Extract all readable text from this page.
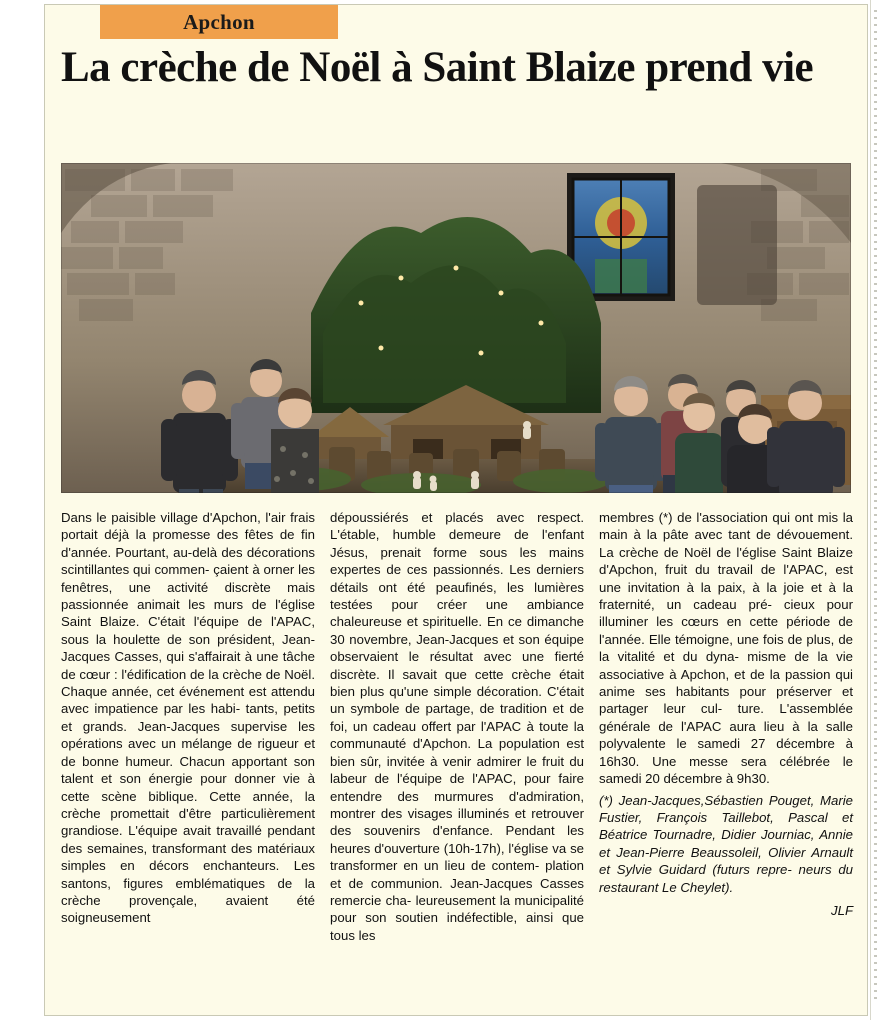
Apchon
La crèche de Noël à Saint Blaize prend vie

Dans le paisible village d'Apchon, l'air frais portait déjà la promesse des fêtes de fin d'année. Pourtant, au-delà des décorations scintillantes qui commen- çaient à orner les fenêtres, une activité discrète mais passionnée animait les murs de l'église Saint Blaize. C'était l'équipe de l'APAC, sous la houlette de son président, Jean-Jacques Casses, qui s'affairait à une tâche de cœur : l'édification de la crèche de Noël. Chaque année, cet événement est attendu avec impatience par les habi- tants, petits et grands. Jean-Jacques supervise les opérations avec un mélange de rigueur et de bonne humeur. Chacun apportant son talent et son énergie pour donner vie à cette scène biblique. Cette année, la crèche promettait d'être particulièrement grandiose. L'équipe avait travaillé pendant des semaines, transformant des matériaux simples en décors enchanteurs. Les santons, figures emblématiques de la crèche provençale, avaient été soigneusement

dépoussiérés et placés avec respect. L'étable, humble demeure de l'enfant Jésus, prenait forme sous les mains expertes de ces passionnés. Les derniers détails ont été peaufinés, les lumières testées pour créer une ambiance chaleureuse et spirituelle. En ce dimanche 30 novembre, Jean-Jacques et son équipe observaient le résultat avec une fierté discrète. Il savait que cette crèche était bien plus qu'une simple décoration. C'était un symbole de partage, de tradition et de foi, un cadeau offert par l'APAC à toute la communauté d'Apchon. La population est bien sûr, invitée à venir admirer le fruit du labeur de l'équipe de l'APAC, pour faire entendre des murmures d'admiration, montrer des visages illuminés et retrouver des souvenirs d'enfance. Pendant les heures d'ouverture (10h-17h), l'église va se transformer en un lieu de contem- plation et de communion. Jean-Jacques Casses remercie cha- leureusement la municipalité pour son soutien indéfectible, ainsi que tous les

membres (*) de l'association qui ont mis la main à la pâte avec tant de dévouement. La crèche de Noël de l'église Saint Blaize d'Apchon, fruit du travail de l'APAC, est une invitation à la paix, à la joie et à la fraternité, un cadeau pré- cieux pour illuminer les cœurs en cette période de l'année. Elle témoigne, une fois de plus, de la vitalité et du dyna- misme de la vie associative à Apchon, et de la passion qui anime ses habitants pour préserver et partager leur cul- ture. L'assemblée générale de l'APAC aura lieu à la salle polyvalente le samedi 27 décembre à 16h30. Une messe sera célébrée le samedi 20 décembre à 9h30.

(*) Jean-Jacques,Sébastien Pouget, Marie Fustier, François Taillebot, Pascal et Béatrice Tournadre, Didier Journiac, Annie et Jean-Pierre Beaussoleil, Olivier Arnault et Sylvie Guidard (futurs repre- neurs du restaurant Le Cheylet).

JLF
